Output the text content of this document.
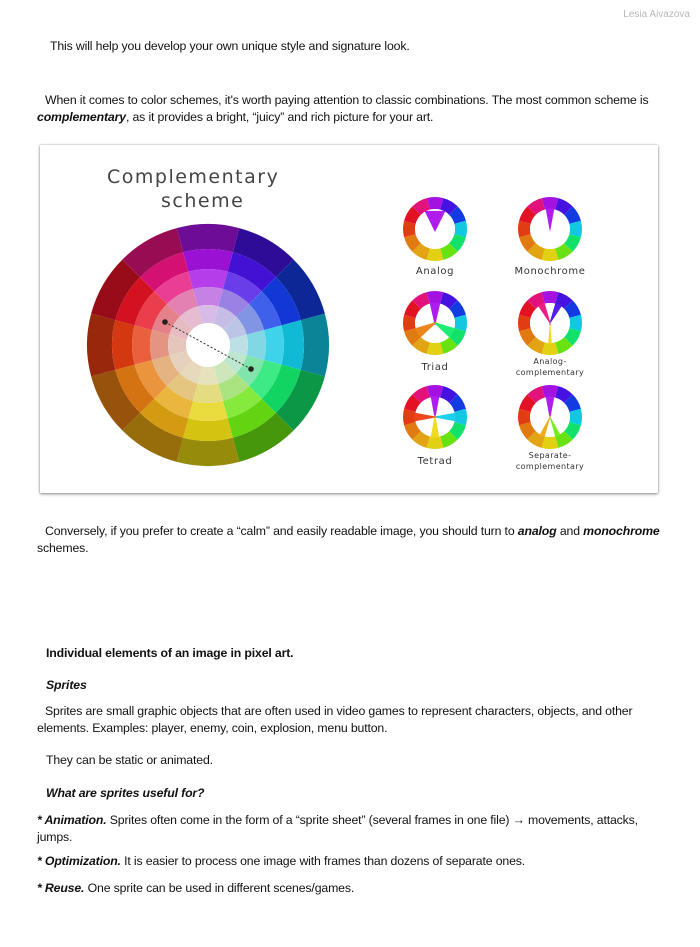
Lesia Aivazova

This will help you develop your own unique style and signature look.

When it comes to color schemes, it's worth paying attention to classic combinations. The most common scheme is
complementary, as it provides a bright, “juicy” and rich picture for your art.

Complementary
scheme
Analog	Monochrome
Triad
Analog-
complementary
Tetrad
Separate-
complementary

Conversely, if you prefer to create a “calm” and easily readable image, you should turn to analog and monochrome
schemes.

Individual elements of an image in pixel art.

Sprites

Sprites are small graphic objects that are often used in video games to represent characters, objects, and other
elements. Examples: player, enemy, coin, explosion, menu button.

They can be static or animated.

What are sprites useful for?

* Animation. Sprites often come in the form of a “sprite sheet” (several frames in one file) → movements, attacks,
jumps.

* Optimization. It is easier to process one image with frames than dozens of separate ones.

* Reuse. One sprite can be used in different scenes/games.
